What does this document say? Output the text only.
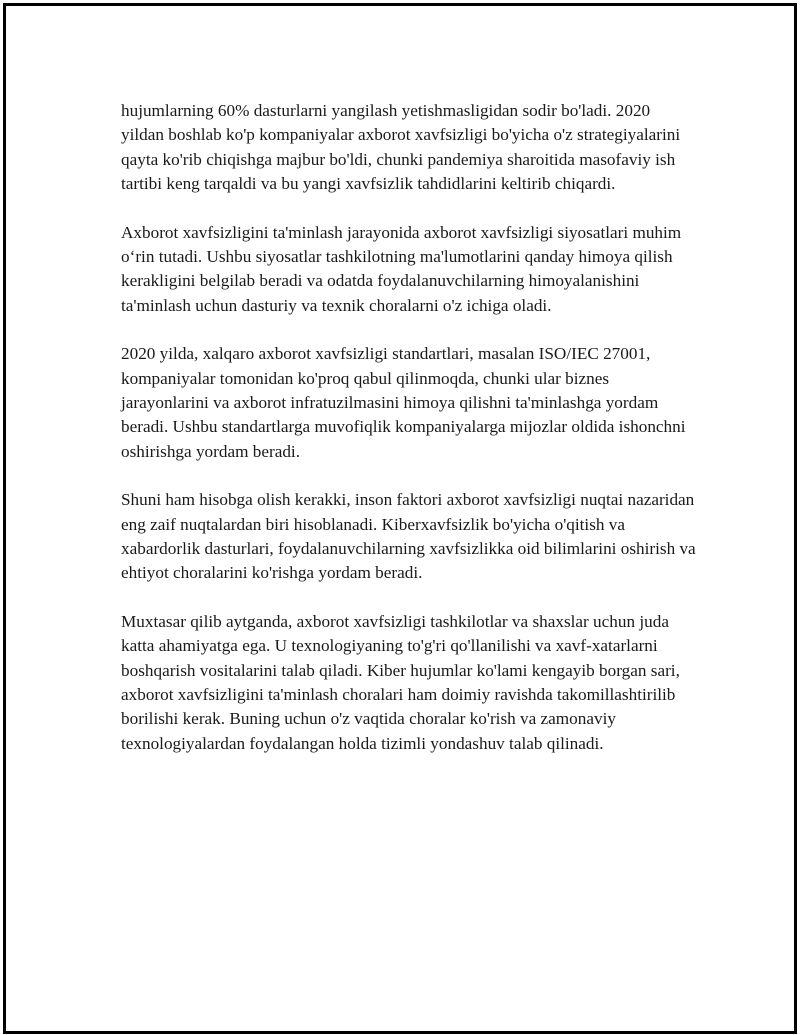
hujumlarning 60% dasturlarni yangilash yetishmasligidan sodir bo'ladi. 2020 yildan boshlab ko'p kompaniyalar axborot xavfsizligi bo'yicha o'z strategiyalarini qayta ko'rib chiqishga majbur bo'ldi, chunki pandemiya sharoitida masofaviy ish tartibi keng tarqaldi va bu yangi xavfsizlik tahdidlarini keltirib chiqardi.

Axborot xavfsizligini ta'minlash jarayonida axborot xavfsizligi siyosatlari muhim oʻrin tutadi. Ushbu siyosatlar tashkilotning ma'lumotlarini qanday himoya qilish kerakligini belgilab beradi va odatda foydalanuvchilarning himoyalanishini ta'minlash uchun dasturiy va texnik choralarni o'z ichiga oladi.

2020 yilda, xalqaro axborot xavfsizligi standartlari, masalan ISO/IEC 27001, kompaniyalar tomonidan ko'proq qabul qilinmoqda, chunki ular biznes jarayonlarini va axborot infratuzilmasini himoya qilishni ta'minlashga yordam beradi. Ushbu standartlarga muvofiqlik kompaniyalarga mijozlar oldida ishonchni oshirishga yordam beradi.

Shuni ham hisobga olish kerakki, inson faktori axborot xavfsizligi nuqtai nazaridan eng zaif nuqtalardan biri hisoblanadi. Kiberxavfsizlik bo'yicha o'qitish va xabardorlik dasturlari, foydalanuvchilarning xavfsizlikka oid bilimlarini oshirish va ehtiyot choralarini ko'rishga yordam beradi.

Muxtasar qilib aytganda, axborot xavfsizligi tashkilotlar va shaxslar uchun juda katta ahamiyatga ega. U texnologiyaning to'g'ri qo'llanilishi va xavf-xatarlarni boshqarish vositalarini talab qiladi. Kiber hujumlar ko'lami kengayib borgan sari, axborot xavfsizligini ta'minlash choralari ham doimiy ravishda takomillashtirilib borilishi kerak. Buning uchun o'z vaqtida choralar ko'rish va zamonaviy texnologiyalardan foydalangan holda tizimli yondashuv talab qilinadi.
